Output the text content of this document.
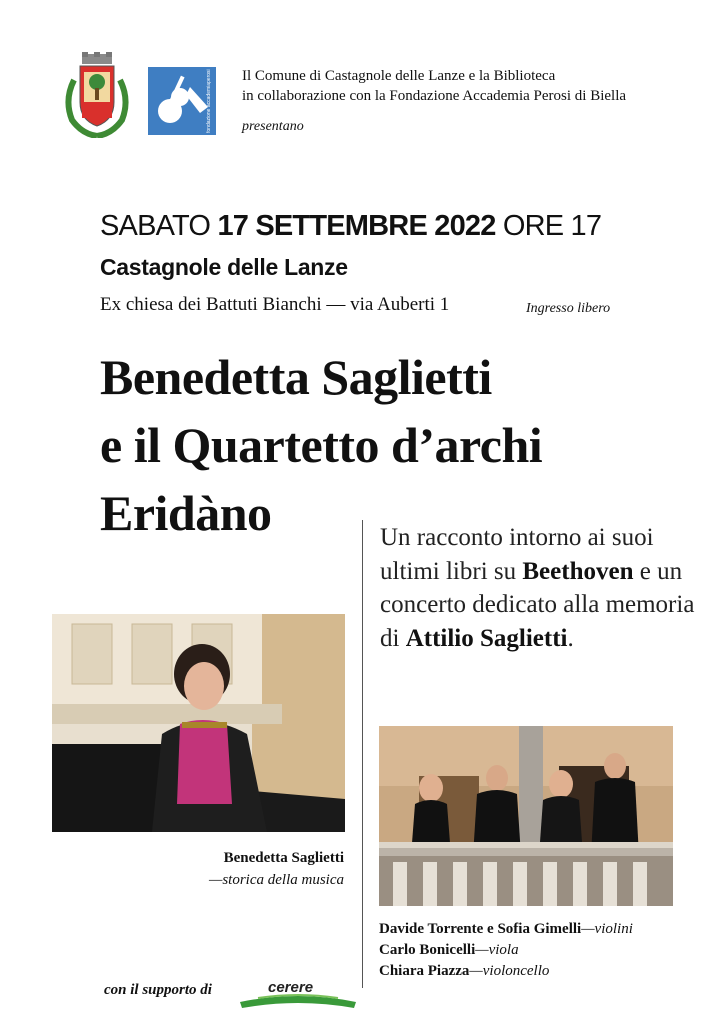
fondazione accademiaperosi Il Comune di Castagnole delle Lanze e la Biblioteca
in collaborazione con la Fondazione Accademia Perosi di Biella
presentano
SABATO 17 SETTEMBRE 2022 ORE 17
Castagnole delle Lanze
Ex chiesa dei Battuti Bianchi — via Auberti 1	Ingresso libero
Benedetta Saglietti
e il Quartetto d’archi
Eridàno	Un racconto intorno ai suoi ultimi libri su Beethoven e un concerto dedicato alla memoria di Attilio Saglietti.
Benedetta Saglietti
—storica della musica
Davide Torrente e Sofia Gimelli—violini
Carlo Bonicelli—viola
Chiara Piazza—violoncello
con il supporto di	cerere
